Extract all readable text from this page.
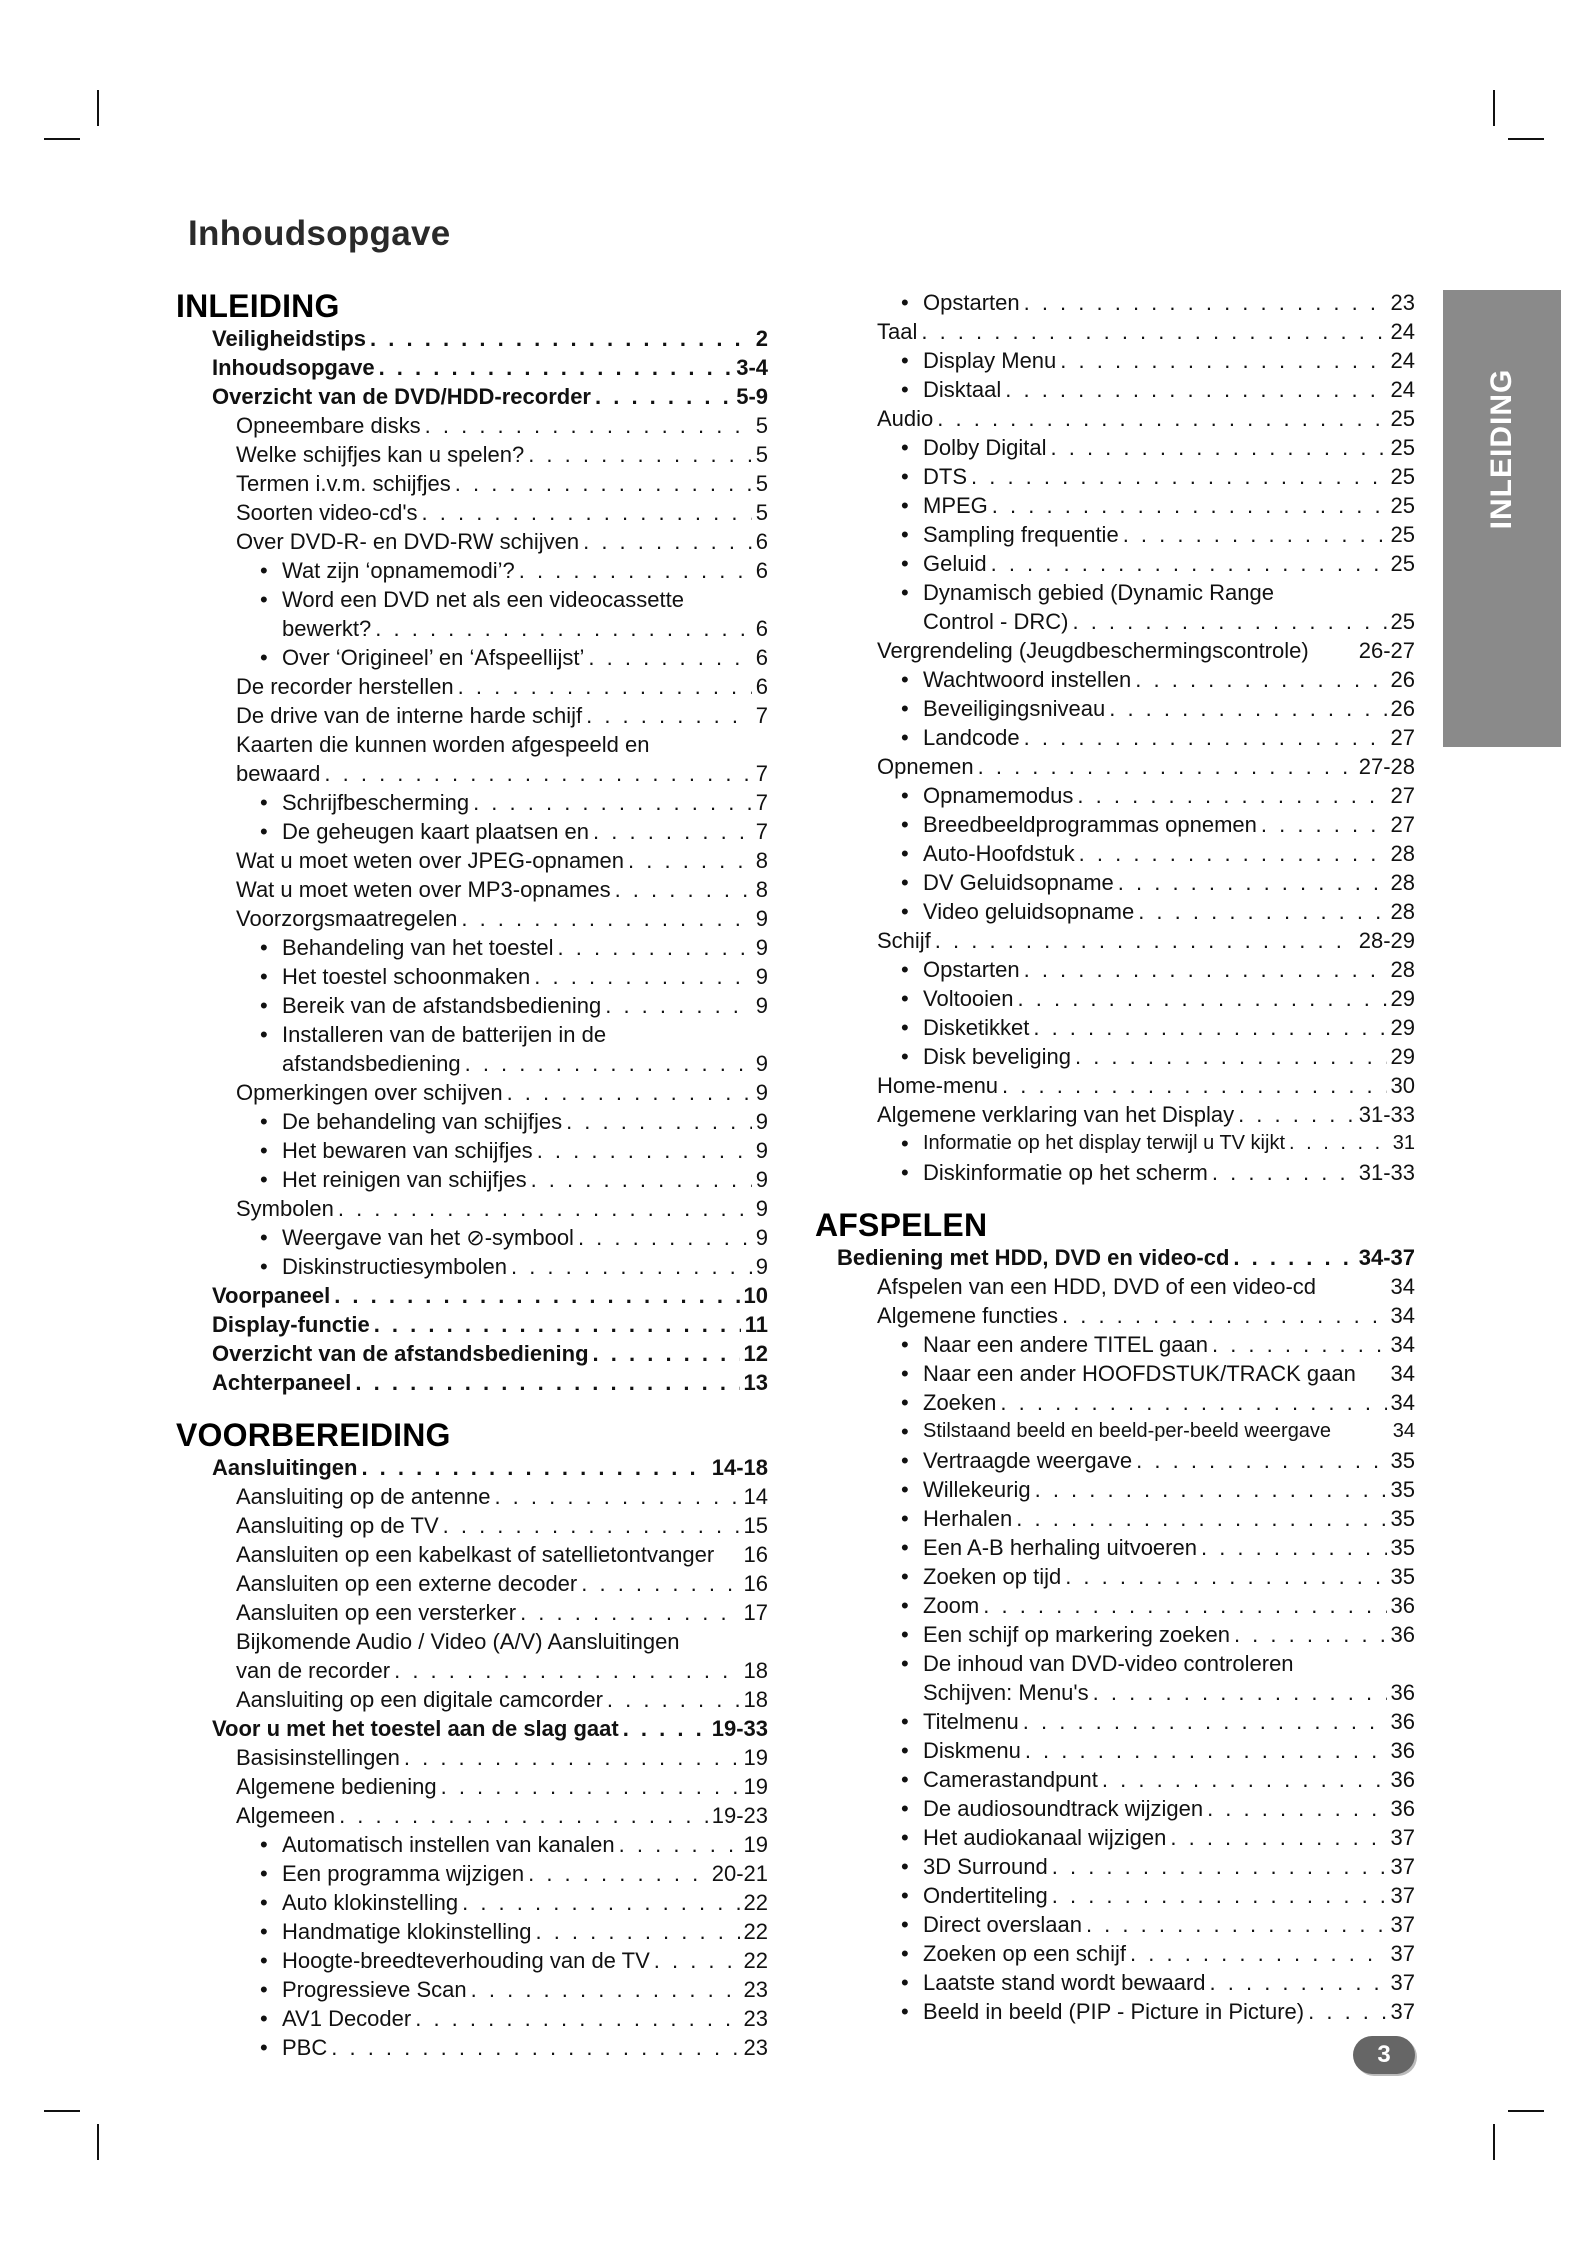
Inhoudsopgave
INLEIDING
Veiligheidstips . . .	2
Inhoudsopgave . . .	3-4
Overzicht van de DVD/HDD-recorder . . .	5-9
Opneembare disks . . .	5
Welke schijfjes kan u spelen? . . .	5
Termen i.v.m. schijfjes . . .	5
Soorten video-cd's . . .	5
Over DVD-R- en DVD-RW schijven . . .	6
• Wat zijn ‘opnamemodi’? . . .	6
• Word een DVD net als een videocassette
bewerkt? . . .	6
• Over ‘Origineel’ en ‘Afspeellijst’ . . .	6
De recorder herstellen . . .	6
De drive van de interne harde schijf . . .	7
Kaarten die kunnen worden afgespeeld en
bewaard . . .	7
• Schrijfbescherming . . .	7
• De geheugen kaart plaatsen en . . .	7
Wat u moet weten over JPEG-opnamen . . .	8
Wat u moet weten over MP3-opnames . . .	8
Voorzorgsmaatregelen . . .	9
• Behandeling van het toestel . . .	9
• Het toestel schoonmaken . . .	9
• Bereik van de afstandsbediening . . .	9
• Installeren van de batterijen in de
afstandsbediening . . .	9
Opmerkingen over schijven . . .	9
• De behandeling van schijfjes . . .	9
• Het bewaren van schijfjes . . .	9
• Het reinigen van schijfjes . . .	9
Symbolen . . .	9
• Weergave van het ⊘-symbool . . .	9
• Diskinstructiesymbolen . . .	9
Voorpaneel . . .	10
Display-functie . . .	11
Overzicht van de afstandsbediening . . .	12
Achterpaneel . . .	13
VOORBEREIDING
Aansluitingen . . .	14-18
Aansluiting op de antenne . . .	14
Aansluiting op de TV . . .	15
Aansluiten op een kabelkast of satellietontvanger	16
Aansluiten op een externe decoder . . .	16
Aansluiten op een versterker . . .	17
Bijkomende Audio / Video (A/V) Aansluitingen
van de recorder . . .	18
Aansluiting op een digitale camcorder . . .	18
Voor u met het toestel aan de slag gaat . . .	19-33
Basisinstellingen . . .	19
Algemene bediening . . .	19
Algemeen . . .	19-23
• Automatisch instellen van kanalen . . .	19
• Een programma wijzigen . . .	20-21
• Auto klokinstelling . . .	22
• Handmatige klokinstelling . . .	22
• Hoogte-breedteverhouding van de TV . . .	22
• Progressieve Scan . . .	23
• AV1 Decoder . . .	23
• PBC . . .	23
• Opstarten . . .	23
Taal . . .	24
• Display Menu . . .	24
• Disktaal . . .	24
Audio . . .	25
• Dolby Digital . . .	25
• DTS . . .	25
• MPEG . . .	25
• Sampling frequentie . . .	25
• Geluid . . .	25
• Dynamisch gebied (Dynamic Range
Control - DRC) . . .	25
Vergrendeling (Jeugdbeschermingscontrole)	26-27
• Wachtwoord instellen . . .	26
• Beveiligingsniveau . . .	26
• Landcode . . .	27
Opnemen . . .	27-28
• Opnamemodus . . .	27
• Breedbeeldprogrammas opnemen . . .	27
• Auto-Hoofdstuk . . .	28
• DV Geluidsopname . . .	28
• Video geluidsopname . . .	28
Schijf . . .	28-29
• Opstarten . . .	28
• Voltooien . . .	29
• Disketikket . . .	29
• Disk beveliging . . .	29
Home-menu . . .	30
Algemene verklaring van het Display . . .	31-33
• Informatie op het display terwijl u TV kijkt . . .	31
• Diskinformatie op het scherm . . .	31-33
AFSPELEN
Bediening met HDD, DVD en video-cd . . .	34-37
Afspelen van een HDD, DVD of een video-cd	34
Algemene functies . . .	34
• Naar een andere TITEL gaan . . .	34
• Naar een ander HOOFDSTUK/TRACK gaan	34
• Zoeken . . .	34
• Stilstaand beeld en beeld-per-beeld weergave	34
• Vertraagde weergave . . .	35
• Willekeurig . . .	35
• Herhalen . . .	35
• Een A-B herhaling uitvoeren . . .	35
• Zoeken op tijd . . .	35
• Zoom . . .	36
• Een schijf op markering zoeken . . .	36
• De inhoud van DVD-video controleren
Schijven: Menu's . . .	36
• Titelmenu . . .	36
• Diskmenu . . .	36
• Camerastandpunt . . .	36
• De audiosoundtrack wijzigen . . .	36
• Het audiokanaal wijzigen . . .	37
• 3D Surround . . .	37
• Ondertiteling . . .	37
• Direct overslaan . . .	37
• Zoeken op een schijf . . .	37
• Laatste stand wordt bewaard . . .	37
• Beeld in beeld (PIP - Picture in Picture) . . .	37
INLEIDING
3
